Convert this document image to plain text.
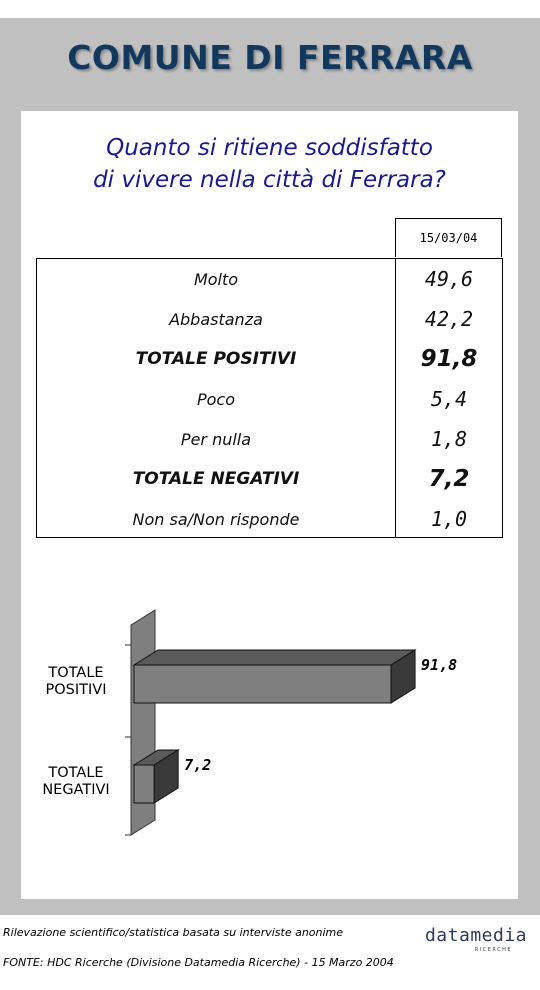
COMUNE DI FERRARA
Quanto si ritiene soddisfatto
di vivere nella città di Ferrara?
15/03/04
Molto	49,6
Abbastanza	42,2
TOTALE POSITIVI	91,8
Poco	5,4
Per nulla	1,8
TOTALE NEGATIVI	7,2
Non sa/Non risponde	1,0
91,8
TOTALE
POSITIVI
7,2
TOTALE
NEGATIVI
Rilevazione scientifico/statistica basata su interviste anonime
FONTE: HDC Ricerche (Divisione Datamedia Ricerche) - 15 Marzo 2004
datamedia
RICERCHE
